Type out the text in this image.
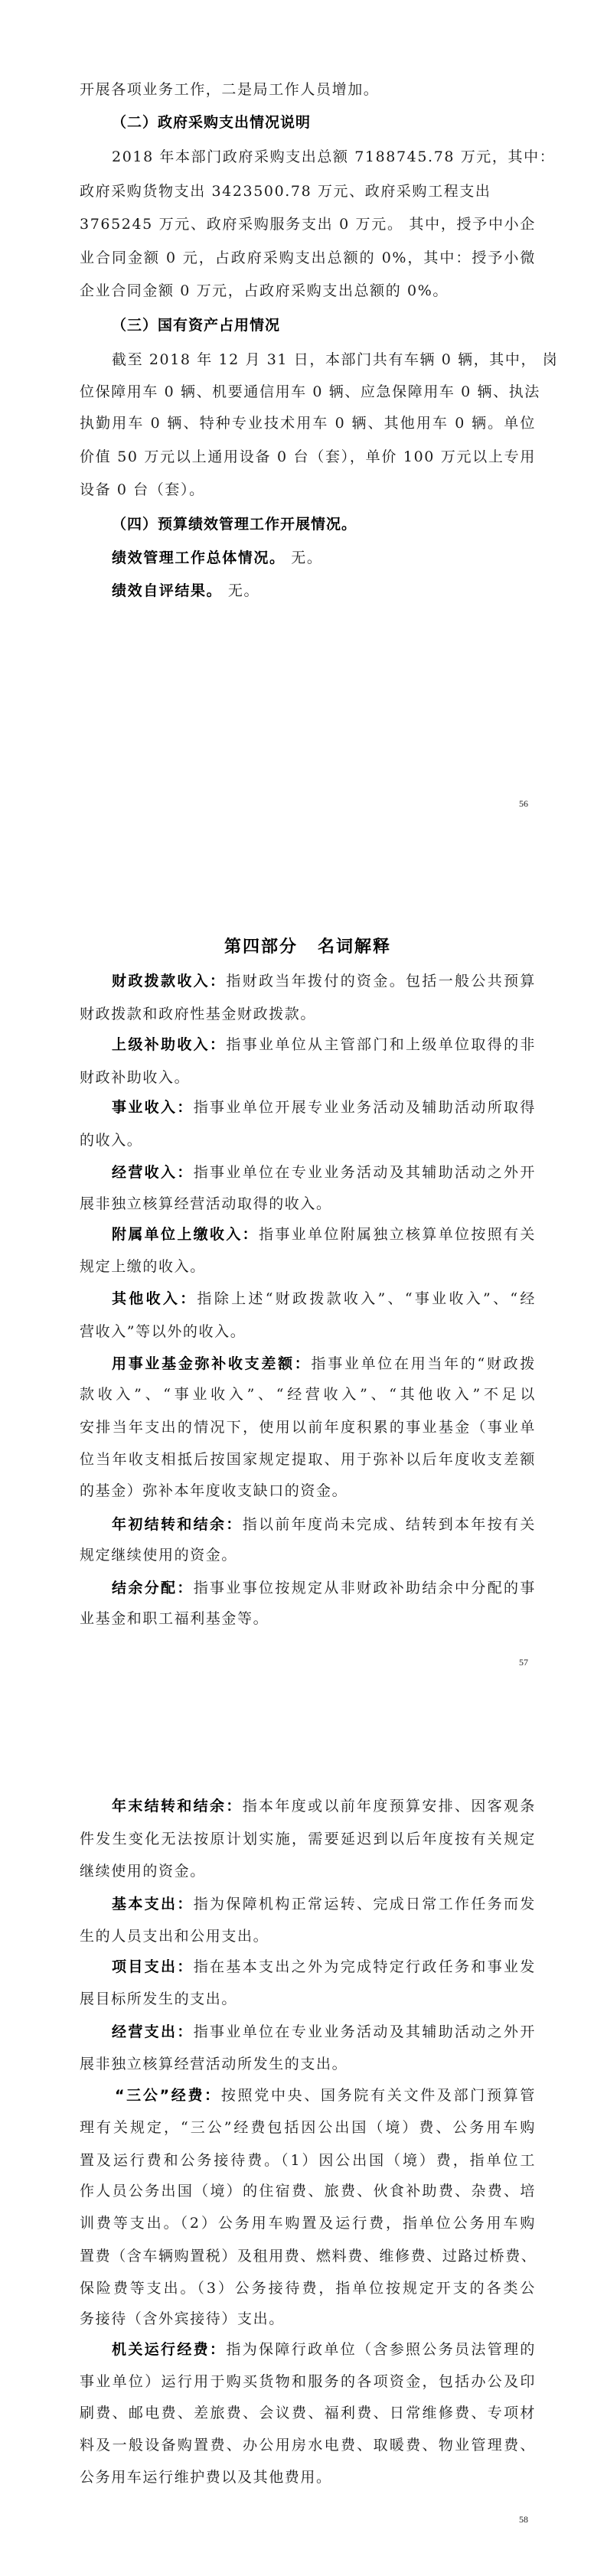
开展各项业务工作，二是局工作人员增加。
（二）政府采购支出情况说明
2018 年本部门政府采购支出总额 7188745.78 万元，其中：
政府采购货物支出 3423500.78 万元、政府采购工程支出
3765245 万元、政府采购服务支出 0 万元。 其中，授予中小企
业合同金额 0 元，占政府采购支出总额的 0%，其中：授予小微
企业合同金额 0 万元，占政府采购支出总额的 0%。
（三）国有资产占用情况
截至 2018 年 12 月 31 日，本部门共有车辆 0 辆，其中， 岗
位保障用车 0 辆、机要通信用车 0 辆、应急保障用车 0 辆、执法
执勤用车 0 辆、特种专业技术用车 0 辆、其他用车 0 辆。单位
价值 50 万元以上通用设备 0 台（套），单价 100 万元以上专用
设备 0 台（套）。
（四）预算绩效管理工作开展情况。
绩效管理工作总体情况。 无。
绩效自评结果。 无。
56
第四部分 名词解释
财政拨款收入：指财政当年拨付的资金。包括一般公共预算
财政拨款和政府性基金财政拨款。
上级补助收入：指事业单位从主管部门和上级单位取得的非
财政补助收入。
事业收入：指事业单位开展专业业务活动及辅助活动所取得
的收入。
经营收入：指事业单位在专业业务活动及其辅助活动之外开
展非独立核算经营活动取得的收入。
附属单位上缴收入：指事业单位附属独立核算单位按照有关
规定上缴的收入。
其他收入：指除上述“财政拨款收入”、“事业收入”、“经
营收入”等以外的收入。
用事业基金弥补收支差额：指事业单位在用当年的“财政拨
款收入”、“事业收入”、“经营收入”、“其他收入”不足以
安排当年支出的情况下，使用以前年度积累的事业基金（事业单
位当年收支相抵后按国家规定提取、用于弥补以后年度收支差额
的基金）弥补本年度收支缺口的资金。
年初结转和结余：指以前年度尚未完成、结转到本年按有关
规定继续使用的资金。
结余分配：指事业事位按规定从非财政补助结余中分配的事
业基金和职工福利基金等。
57
年末结转和结余：指本年度或以前年度预算安排、因客观条
件发生变化无法按原计划实施，需要延迟到以后年度按有关规定
继续使用的资金。
基本支出：指为保障机构正常运转、完成日常工作任务而发
生的人员支出和公用支出。
项目支出：指在基本支出之外为完成特定行政任务和事业发
展目标所发生的支出。
经营支出：指事业单位在专业业务活动及其辅助活动之外开
展非独立核算经营活动所发生的支出。
“三公”经费：按照党中央、国务院有关文件及部门预算管
理有关规定，“三公”经费包括因公出国（境）费、公务用车购
置及运行费和公务接待费。（1）因公出国（境）费，指单位工
作人员公务出国（境）的住宿费、旅费、伙食补助费、杂费、培
训费等支出。（2）公务用车购置及运行费，指单位公务用车购
置费（含车辆购置税）及租用费、燃料费、维修费、过路过桥费、
保险费等支出。（3）公务接待费，指单位按规定开支的各类公
务接待（含外宾接待）支出。
机关运行经费：指为保障行政单位（含参照公务员法管理的
事业单位）运行用于购买货物和服务的各项资金，包括办公及印
刷费、邮电费、差旅费、会议费、福利费、日常维修费、专项材
料及一般设备购置费、办公用房水电费、取暖费、物业管理费、
公务用车运行维护费以及其他费用。
58
